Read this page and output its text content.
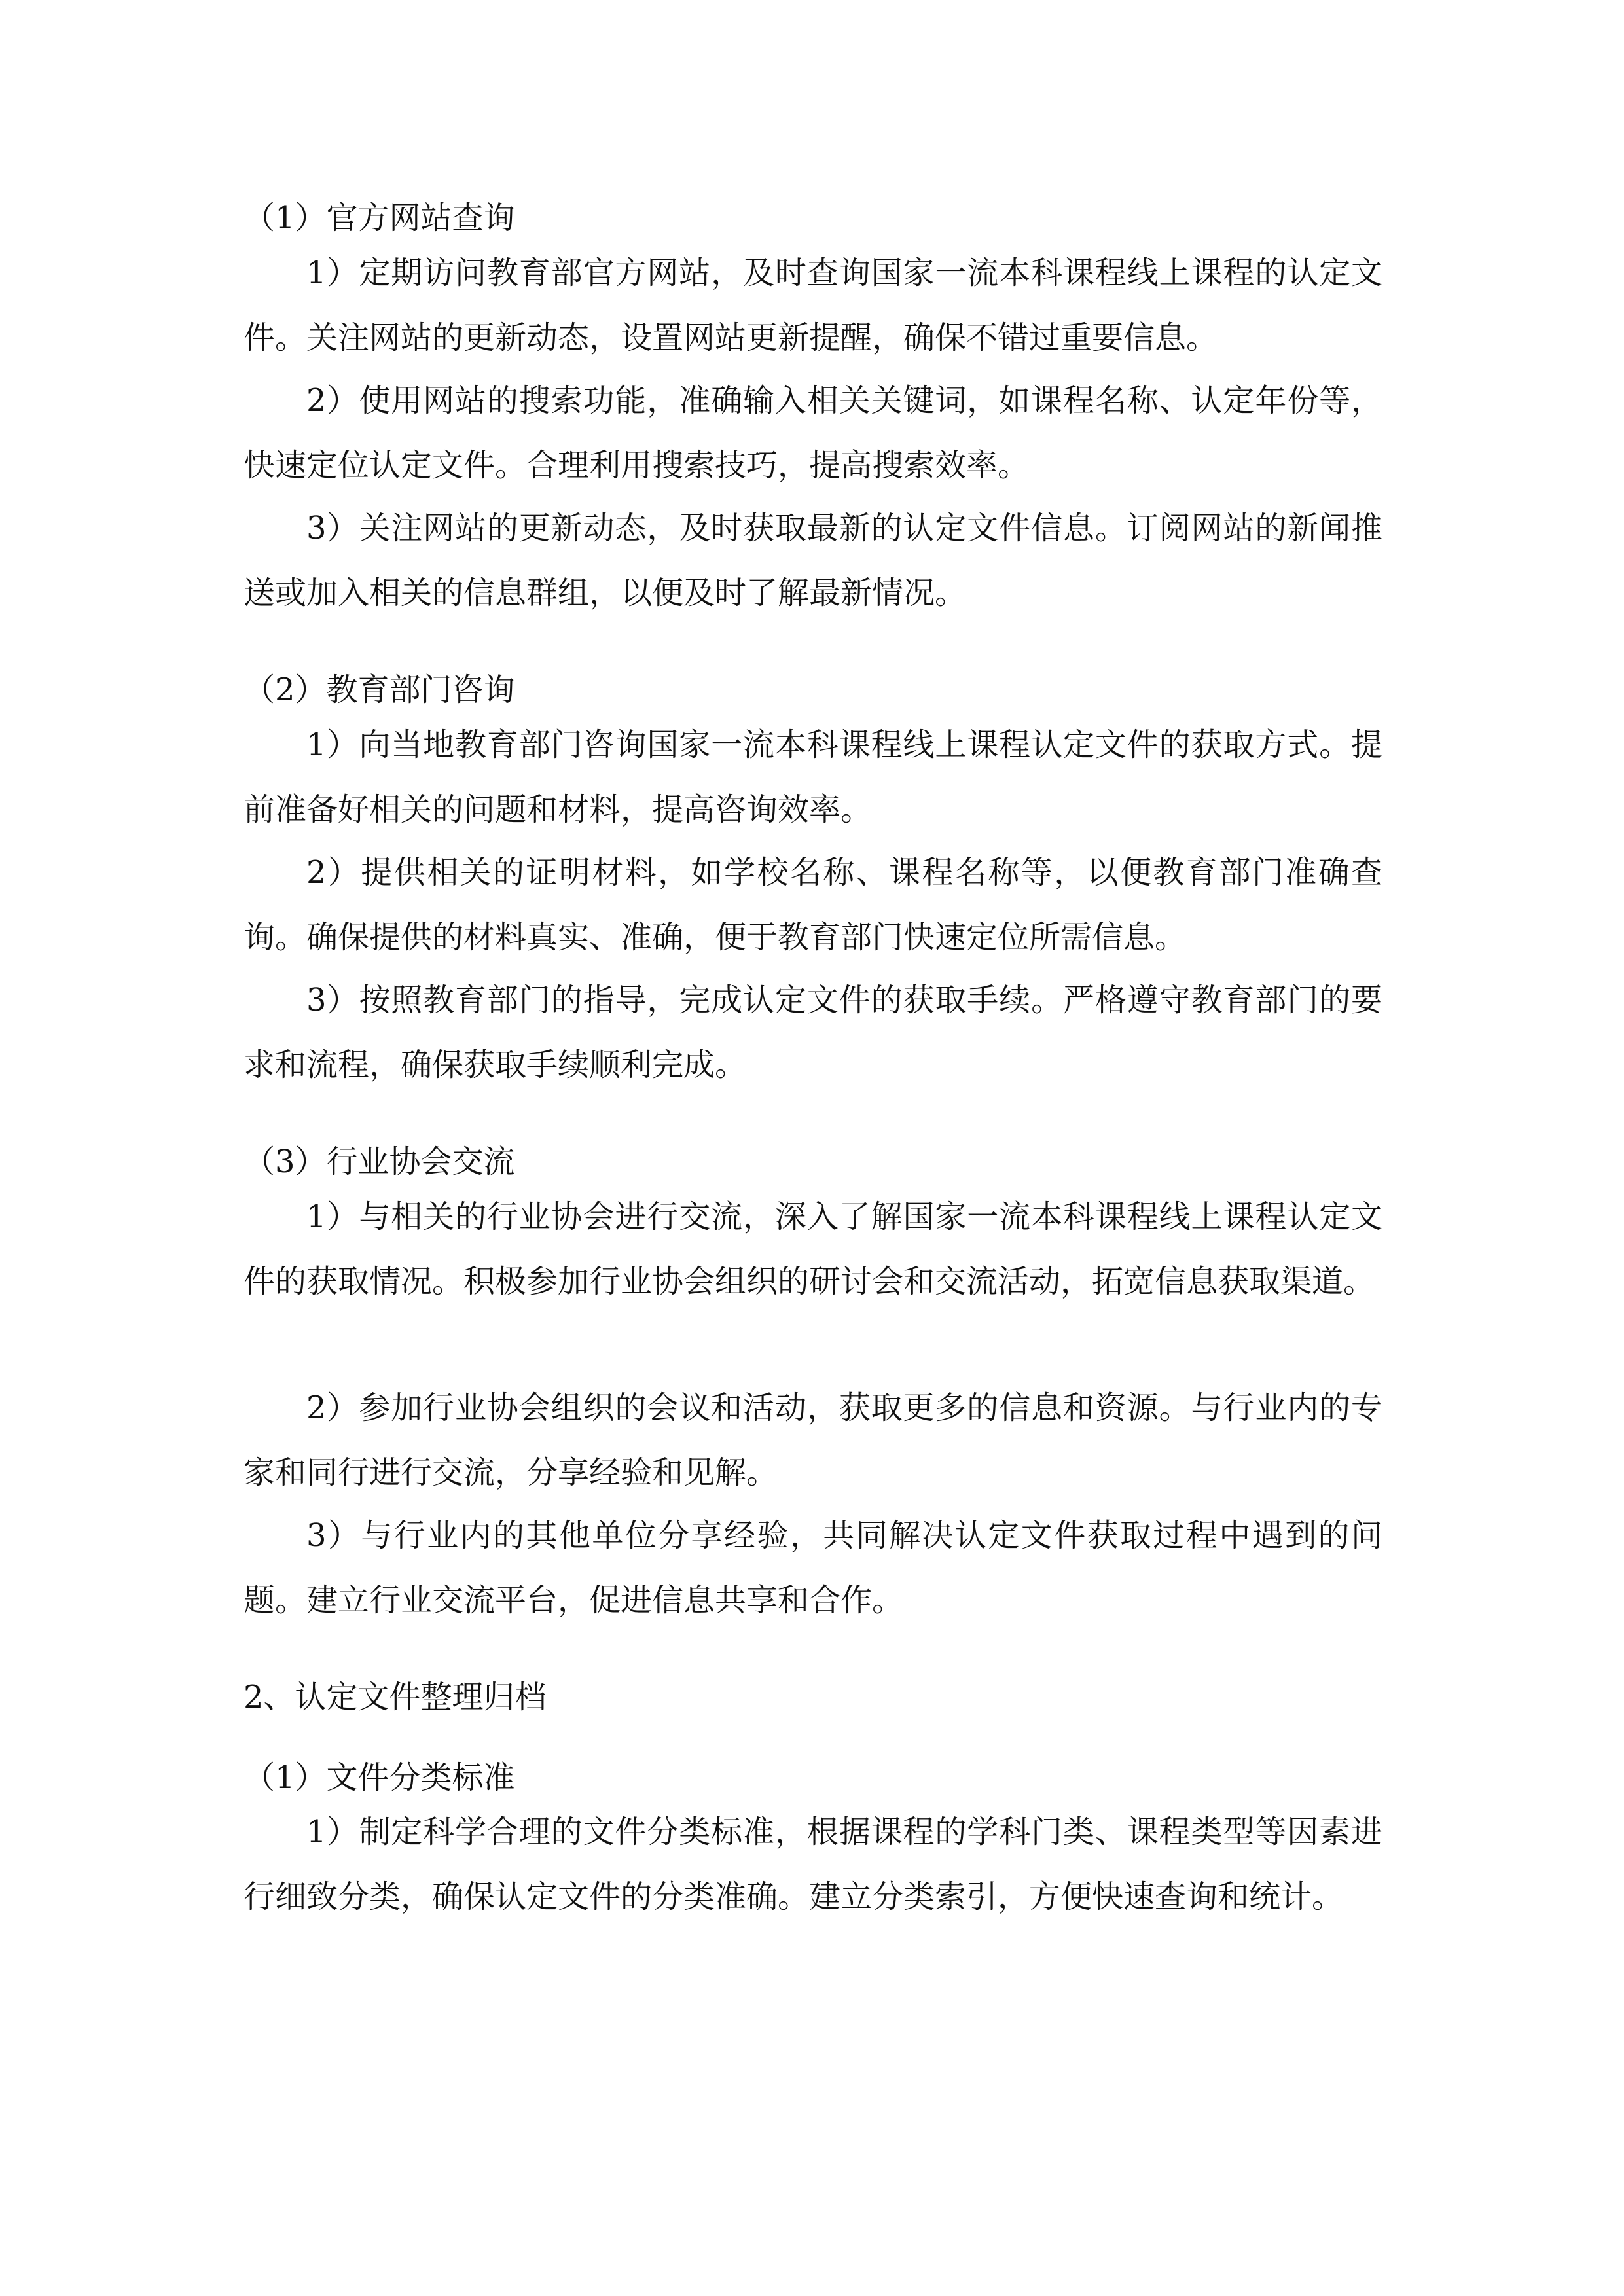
（1）官方网站查询
1）定期访问教育部官方网站，及时查询国家一流本科课程线上课程的认定文件。关注网站的更新动态，设置网站更新提醒，确保不错过重要信息。
2）使用网站的搜索功能，准确输入相关关键词，如课程名称、认定年份等，快速定位认定文件。合理利用搜索技巧，提高搜索效率。
3）关注网站的更新动态，及时获取最新的认定文件信息。订阅网站的新闻推送或加入相关的信息群组，以便及时了解最新情况。
（2）教育部门咨询
1）向当地教育部门咨询国家一流本科课程线上课程认定文件的获取方式。提前准备好相关的问题和材料，提高咨询效率。
2）提供相关的证明材料，如学校名称、课程名称等，以便教育部门准确查询。确保提供的材料真实、准确，便于教育部门快速定位所需信息。
3）按照教育部门的指导，完成认定文件的获取手续。严格遵守教育部门的要求和流程，确保获取手续顺利完成。
（3）行业协会交流
1）与相关的行业协会进行交流，深入了解国家一流本科课程线上课程认定文件的获取情况。积极参加行业协会组织的研讨会和交流活动，拓宽信息获取渠道。
2）参加行业协会组织的会议和活动，获取更多的信息和资源。与行业内的专家和同行进行交流，分享经验和见解。
3）与行业内的其他单位分享经验，共同解决认定文件获取过程中遇到的问题。建立行业交流平台，促进信息共享和合作。
2、认定文件整理归档
（1）文件分类标准
1）制定科学合理的文件分类标准，根据课程的学科门类、课程类型等因素进行细致分类，确保认定文件的分类准确。建立分类索引，方便快速查询和统计。
